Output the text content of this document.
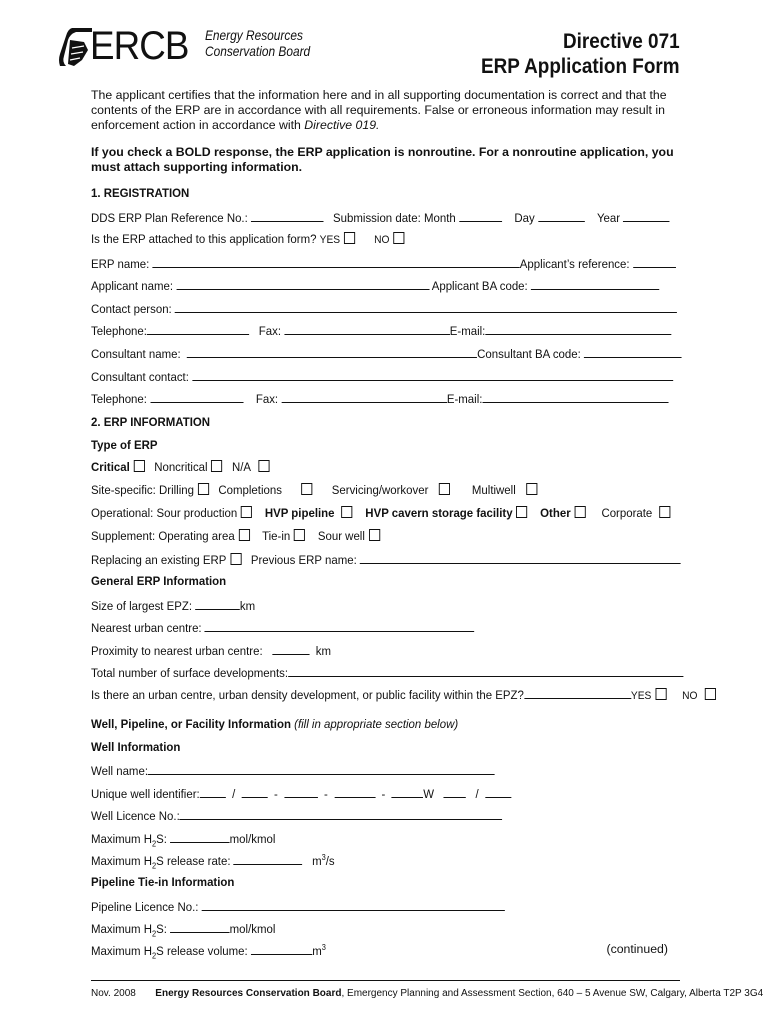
ERCB Energy Resources
Conservation Board	Directive 071
ERP Application Form
The applicant certifies that the information here and in all supporting documentation is correct and that the contents of the ERP are in accordance with all requirements. False or erroneous information may result in enforcement action in accordance with Directive 019.
If you check a BOLD response, the ERP application is nonroutine. For a nonroutine application, you must attach supporting information.
1. REGISTRATION
DDS ERP Plan Reference No.:	Submission date: Month	Day	Year
Is the ERP attached to this application form? YES	NO
ERP name:	Applicant’s reference:
Applicant name:	Applicant BA code:
Contact person:
Telephone:	Fax:	E-mail:
Consultant name:	Consultant BA code:
Consultant contact:
Telephone:	Fax:	E-mail:
2. ERP INFORMATION
Type of ERP
Critical Noncritical N/A
Site-specific: Drilling Completions	Servicing/workover	Multiwell
Operational: Sour production HVP pipeline	HVP cavern storage facility Other	Corporate
Supplement: Operating area Tie-in Sour well
Replacing an existing ERP Previous ERP name:
General ERP Information
Size of largest EPZ:	km
Nearest urban centre:
Proximity to nearest urban centre:	km
Total number of surface developments:
Is there an urban centre, urban density development, or public facility within the EPZ?	YES	NO
Well, Pipeline, or Facility Information (fill in appropriate section below)
Well Information
Well name:
Unique well identifier:  /    -	-	-	W	/
Well Licence No.:
Maximum $H_2S$:	mol/kmol
Maximum $H_2S$ release rate:	$m^3/s$
Pipeline Tie-in Information
Pipeline Licence No.:
Maximum $H_2S$:	mol/kmol
Maximum $H_2S$ release volume:	$m^3$	(continued)
Nov. 2008 Energy Resources Conservation Board, Emergency Planning and Assessment Section, 640 – 5 Avenue SW, Calgary, Alberta T2P 3G4
